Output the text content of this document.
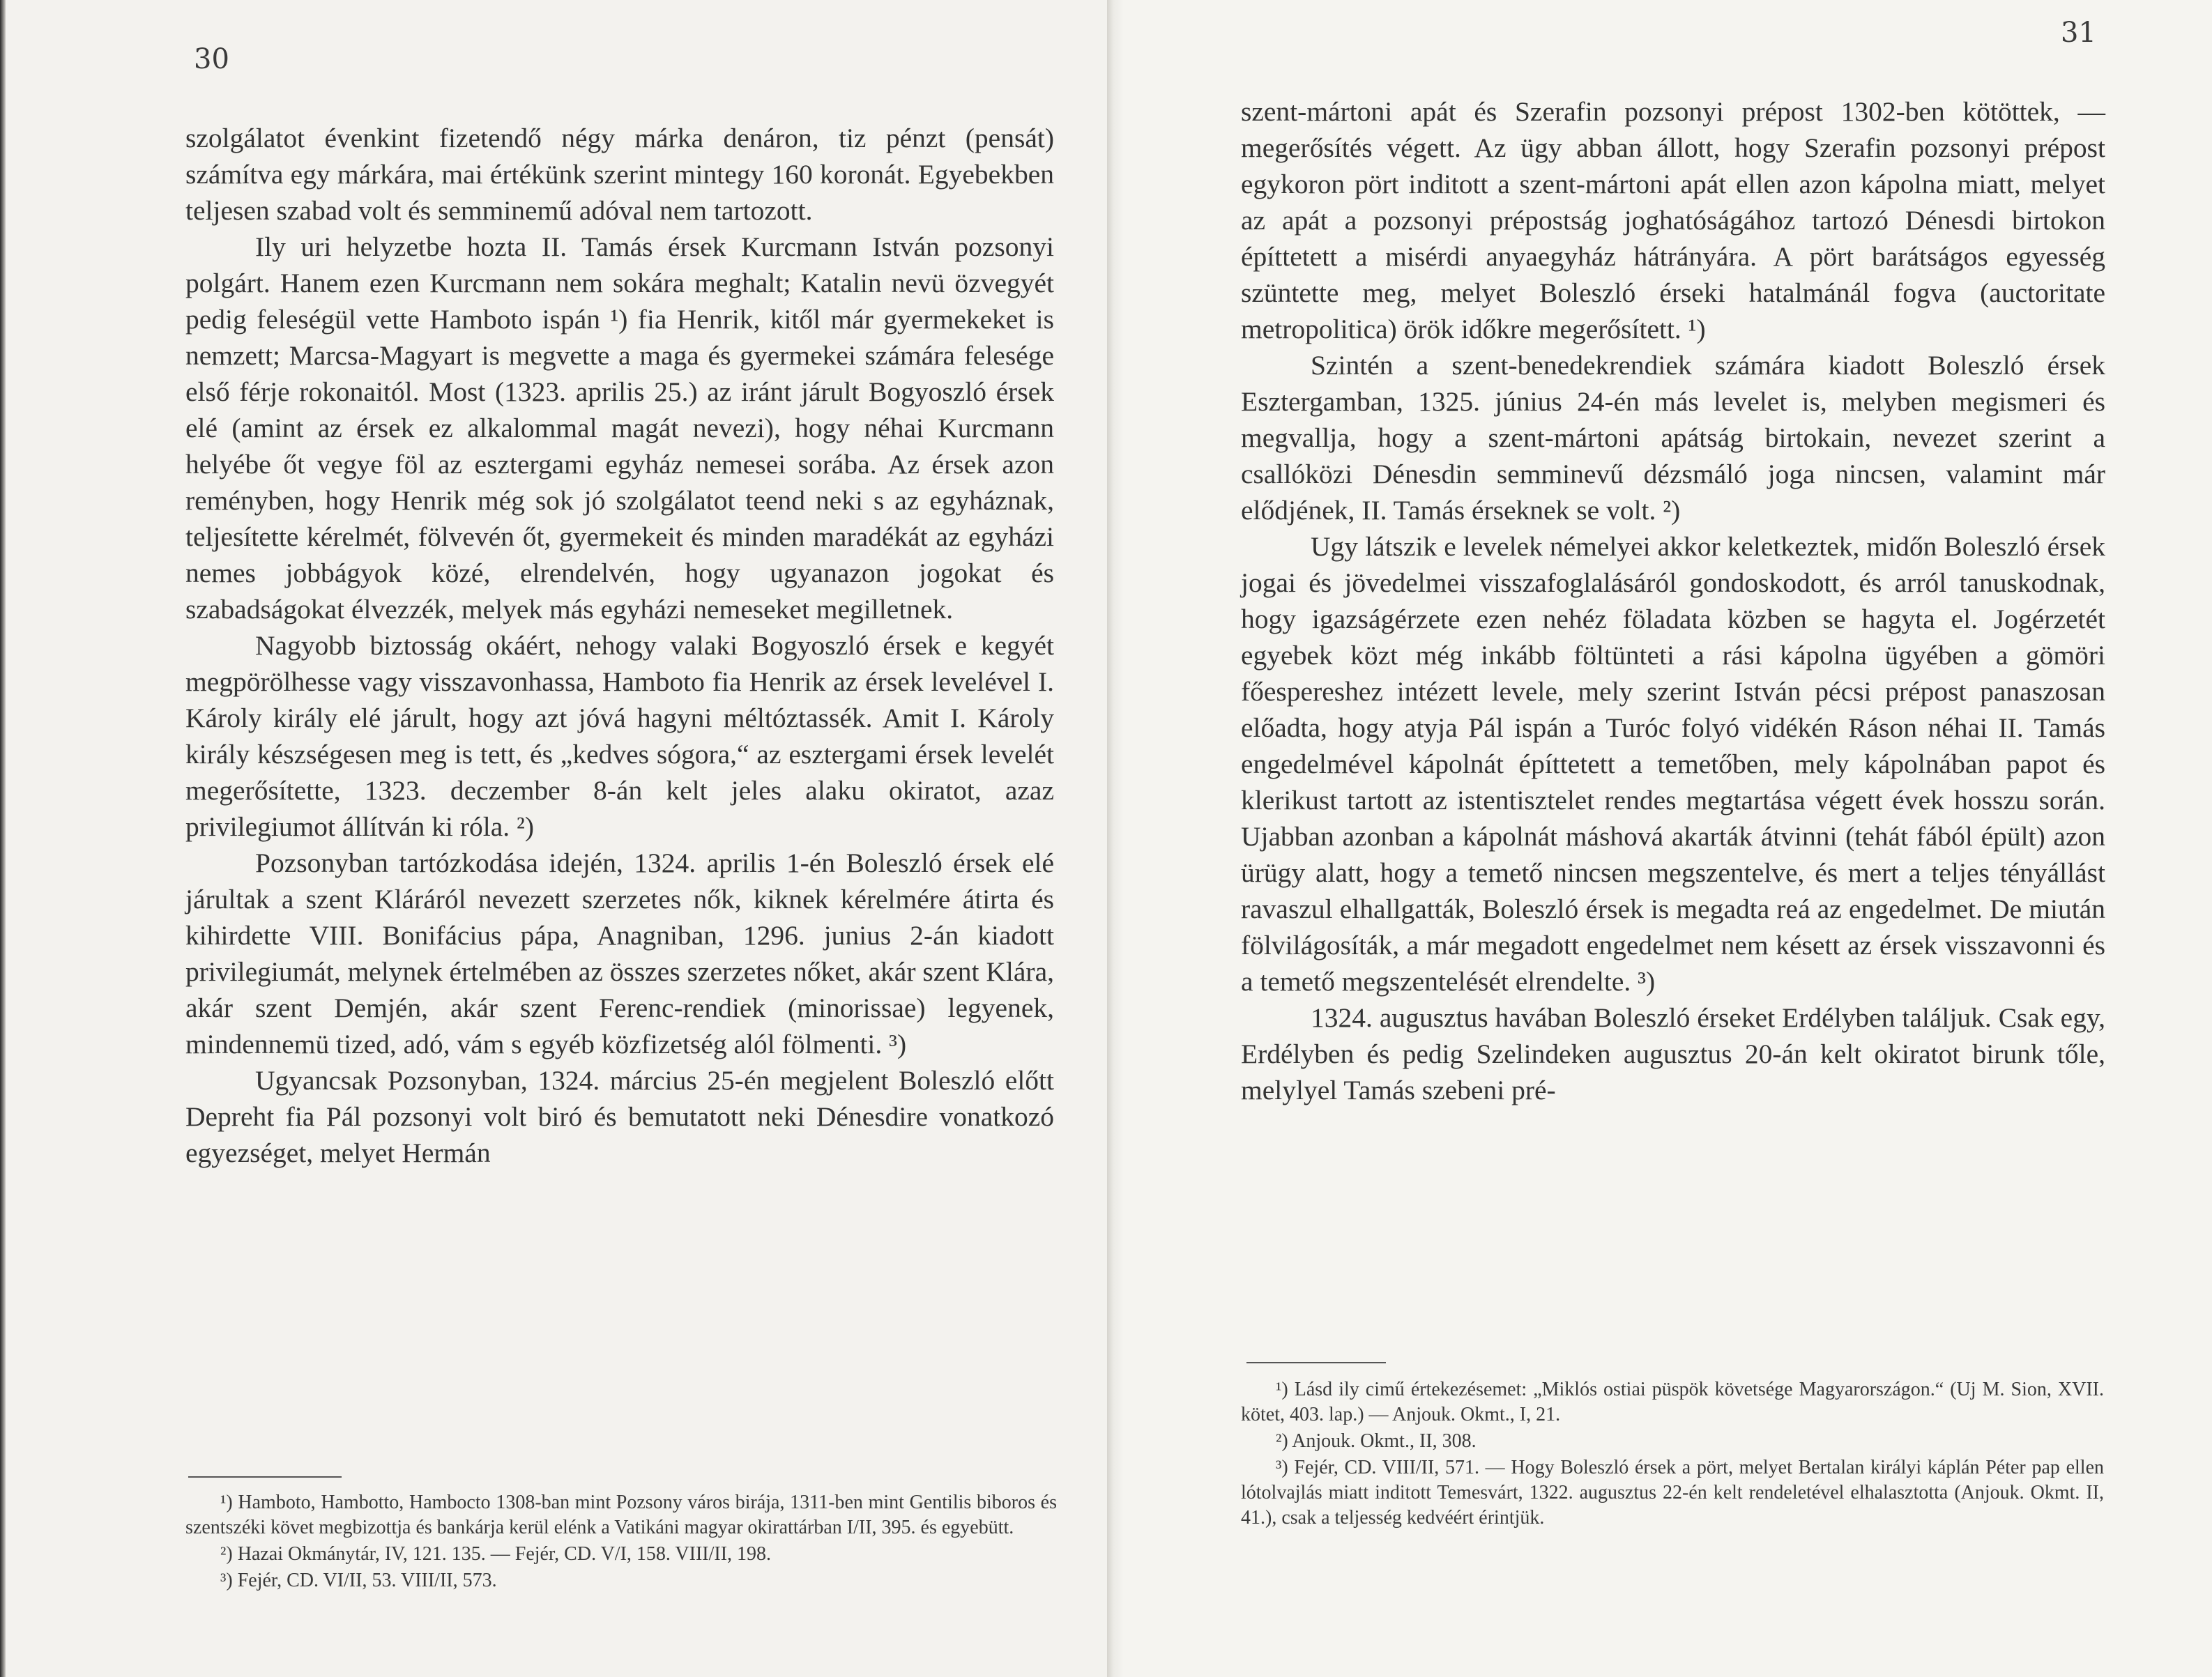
30

szolgálatot évenkint fizetendő négy márka denáron, tiz pénzt (pensát) számítva egy márkára, mai értékünk szerint mintegy 160 koronát. Egyebekben teljesen szabad volt és semminemű adóval nem tartozott.

Ily uri helyzetbe hozta II. Tamás érsek Kurcmann István pozsonyi polgárt. Hanem ezen Kurcmann nem sokára meghalt; Katalin nevü özvegyét pedig feleségül vette Hamboto ispán ¹) fia Henrik, kitől már gyermekeket is nemzett; Marcsa-Magyart is megvette a maga és gyermekei számára felesége első férje rokonaitól. Most (1323. aprilis 25.) az iránt járult Bogyoszló érsek elé (amint az érsek ez alkalommal magát nevezi), hogy néhai Kurcmann helyébe őt vegye föl az esztergami egyház nemesei sorába. Az érsek azon reményben, hogy Henrik még sok jó szolgálatot teend neki s az egyháznak, teljesítette kérelmét, fölvevén őt, gyermekeit és minden maradékát az egyházi nemes jobbágyok közé, elrendelvén, hogy ugyanazon jogokat és szabadságokat élvezzék, melyek más egyházi nemeseket megilletnek.

Nagyobb biztosság okáért, nehogy valaki Bogyoszló érsek e kegyét megpörölhesse vagy visszavonhassa, Hamboto fia Henrik az érsek levelével I. Károly király elé járult, hogy azt jóvá hagyni méltóztassék. Amit I. Károly király készségesen meg is tett, és „kedves sógora,“ az esztergami érsek levelét megerősítette, 1323. deczember 8-án kelt jeles alaku okiratot, azaz privilegiumot állítván ki róla. ²)

Pozsonyban tartózkodása idején, 1324. aprilis 1-én Boleszló érsek elé járultak a szent Kláráról nevezett szerzetes nők, kiknek kérelmére átirta és kihirdette VIII. Bonifácius pápa, Anagniban, 1296. junius 2-án kiadott privilegiumát, melynek értelmében az összes szerzetes nőket, akár szent Klára, akár szent Demjén, akár szent Ferenc-rendiek (minorissae) legyenek, mindennemü tized, adó, vám s egyéb közfizetség alól fölmenti. ³)

Ugyancsak Pozsonyban, 1324. március 25-én megjelent Boleszló előtt Depreht fia Pál pozsonyi volt biró és bemutatott neki Dénesdire vonatkozó egyezséget, melyet Hermán

¹) Hamboto, Hambotto, Hambocto 1308-ban mint Pozsony város birája, 1311-ben mint Gentilis biboros és szentszéki követ megbizottja és bankárja kerül elénk a Vatikáni magyar okirattárban I/II, 395. és egyebütt.

²) Hazai Okmánytár, IV, 121. 135. — Fejér, CD. V/I, 158. VIII/II, 198.

³) Fejér, CD. VI/II, 53. VIII/II, 573.

31

szent-mártoni apát és Szerafin pozsonyi prépost 1302-ben kötöttek, — megerősítés végett. Az ügy abban állott, hogy Szerafin pozsonyi prépost egykoron pört inditott a szent-mártoni apát ellen azon kápolna miatt, melyet az apát a pozsonyi prépostság joghatóságához tartozó Dénesdi birtokon építtetett a misérdi anyaegyház hátrányára. A pört barátságos egyesség szüntette meg, melyet Boleszló érseki hatalmánál fogva (auctoritate metropolitica) örök időkre megerősített. ¹)

Szintén a szent-benedekrendiek számára kiadott Boleszló érsek Esztergamban, 1325. június 24-én más levelet is, melyben megismeri és megvallja, hogy a szent-mártoni apátság birtokain, nevezet szerint a csallóközi Dénesdin semminevű dézsmáló joga nincsen, valamint már elődjének, II. Tamás érseknek se volt. ²)

Ugy látszik e levelek némelyei akkor keletkeztek, midőn Boleszló érsek jogai és jövedelmei visszafoglalásáról gondoskodott, és arról tanuskodnak, hogy igazságérzete ezen nehéz föladata közben se hagyta el. Jogérzetét egyebek közt még inkább föltünteti a rási kápolna ügyében a gömöri főespereshez intézett levele, mely szerint István pécsi prépost panaszosan előadta, hogy atyja Pál ispán a Turóc folyó vidékén Ráson néhai II. Tamás engedelmével kápolnát építtetett a temetőben, mely kápolnában papot és klerikust tartott az istentisztelet rendes megtartása végett évek hosszu során. Ujabban azonban a kápolnát máshová akarták átvinni (tehát fából épült) azon ürügy alatt, hogy a temető nincsen megszentelve, és mert a teljes tényállást ravaszul elhallgatták, Boleszló érsek is megadta reá az engedelmet. De miután fölvilágosíták, a már megadott engedelmet nem késett az érsek visszavonni és a temető megszentelését elrendelte. ³)

1324. augusztus havában Boleszló érseket Erdélyben találjuk. Csak egy, Erdélyben és pedig Szelindeken augusztus 20-án kelt okiratot birunk tőle, melylyel Tamás szebeni pré-

¹) Lásd ily cimű értekezésemet: „Miklós ostiai püspök követsége Magyarországon.“ (Uj M. Sion, XVII. kötet, 403. lap.) — Anjouk. Okmt., I, 21.

²) Anjouk. Okmt., II, 308.

³) Fejér, CD. VIII/II, 571. — Hogy Boleszló érsek a pört, melyet Bertalan királyi káplán Péter pap ellen lótolvajlás miatt inditott Temesvárt, 1322. augusztus 22-én kelt rendeletével elhalasztotta (Anjouk. Okmt. II, 41.), csak a teljesség kedvéért érintjük.
